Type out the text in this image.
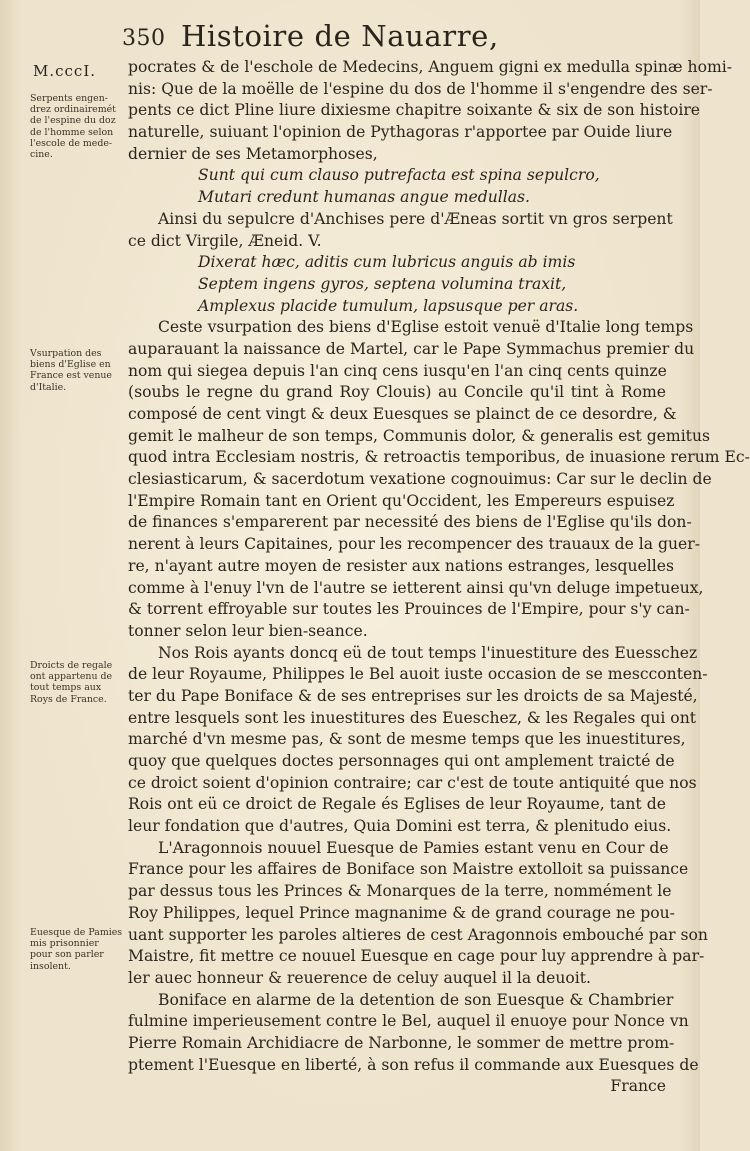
350 Histoire de Nauarre,
M.cccI.
Serpents engen-
drez ordinairemét
de l'espine du doz
de l'homme selon
l'escole de mede-
cine.
Vsurpation des
biens d'Eglise en
France est venue
d'Italie.
Droicts de regale
ont appartenu de
tout temps aux
Roys de France.
Euesque de Pamies
mis prisonnier
pour son parler
insolent.
pocrates & de l'eschole de Medecins, Anguem gigni ex medulla spinæ homi-
nis: Que de la moëlle de l'espine du dos de l'homme il s'engendre des ser-
pents ce dict Pline liure dixiesme chapitre soixante & six de son histoire
naturelle, suiuant l'opinion de Pythagoras r'apportee par Ouide liure
dernier de ses Metamorphoses,
Sunt qui cum clauso putrefacta est spina sepulcro,
Mutari credunt humanas angue medullas.
Ainsi du sepulcre d'Anchises pere d'Æneas sortit vn gros serpent
ce dict Virgile, Æneid. V.
Dixerat hæc, aditis cum lubricus anguis ab imis
Septem ingens gyros, septena volumina traxit,
Amplexus placide tumulum, lapsusque per aras.
Ceste vsurpation des biens d'Eglise estoit venuë d'Italie long temps
auparauant la naissance de Martel, car le Pape Symmachus premier du
nom qui siegea depuis l'an cinq cens iusqu'en l'an cinq cents quinze
(soubs le regne du grand Roy Clouis) au Concile qu'il tint à Rome
composé de cent vingt & deux Euesques se plainct de ce desordre, &
gemit le malheur de son temps, Communis dolor, & generalis est gemitus
quod intra Ecclesiam nostris, & retroactis temporibus, de inuasione rerum Ec-
clesiasticarum, & sacerdotum vexatione cognouimus: Car sur le declin de
l'Empire Romain tant en Orient qu'Occident, les Empereurs espuisez
de finances s'emparerent par necessité des biens de l'Eglise qu'ils don-
nerent à leurs Capitaines, pour les recompencer des trauaux de la guer-
re, n'ayant autre moyen de resister aux nations estranges, lesquelles
comme à l'enuy l'vn de l'autre se ietterent ainsi qu'vn deluge impetueux,
& torrent effroyable sur toutes les Prouinces de l'Empire, pour s'y can-
tonner selon leur bien-seance.
Nos Rois ayants doncq eü de tout temps l'inuestiture des Euesschez
de leur Royaume, Philippes le Bel auoit iuste occasion de se mescconten-
ter du Pape Boniface & de ses entreprises sur les droicts de sa Majesté,
entre lesquels sont les inuestitures des Eueschez, & les Regales qui ont
marché d'vn mesme pas, & sont de mesme temps que les inuestitures,
quoy que quelques doctes personnages qui ont amplement traicté de
ce droict soient d'opinion contraire; car c'est de toute antiquité que nos
Rois ont eü ce droict de Regale és Eglises de leur Royaume, tant de
leur fondation que d'autres, Quia Domini est terra, & plenitudo eius.
L'Aragonnois nouuel Euesque de Pamies estant venu en Cour de
France pour les affaires de Boniface son Maistre extolloit sa puissance
par dessus tous les Princes & Monarques de la terre, nommément le
Roy Philippes, lequel Prince magnanime & de grand courage ne pou-
uant supporter les paroles altieres de cest Aragonnois embouché par son
Maistre, fit mettre ce nouuel Euesque en cage pour luy apprendre à par-
ler auec honneur & reuerence de celuy auquel il la deuoit.
Boniface en alarme de la detention de son Euesque & Chambrier
fulmine imperieusement contre le Bel, auquel il enuoye pour Nonce vn
Pierre Romain Archidiacre de Narbonne, le sommer de mettre prom-
ptement l'Euesque en liberté, à son refus il commande aux Euesques de
France
